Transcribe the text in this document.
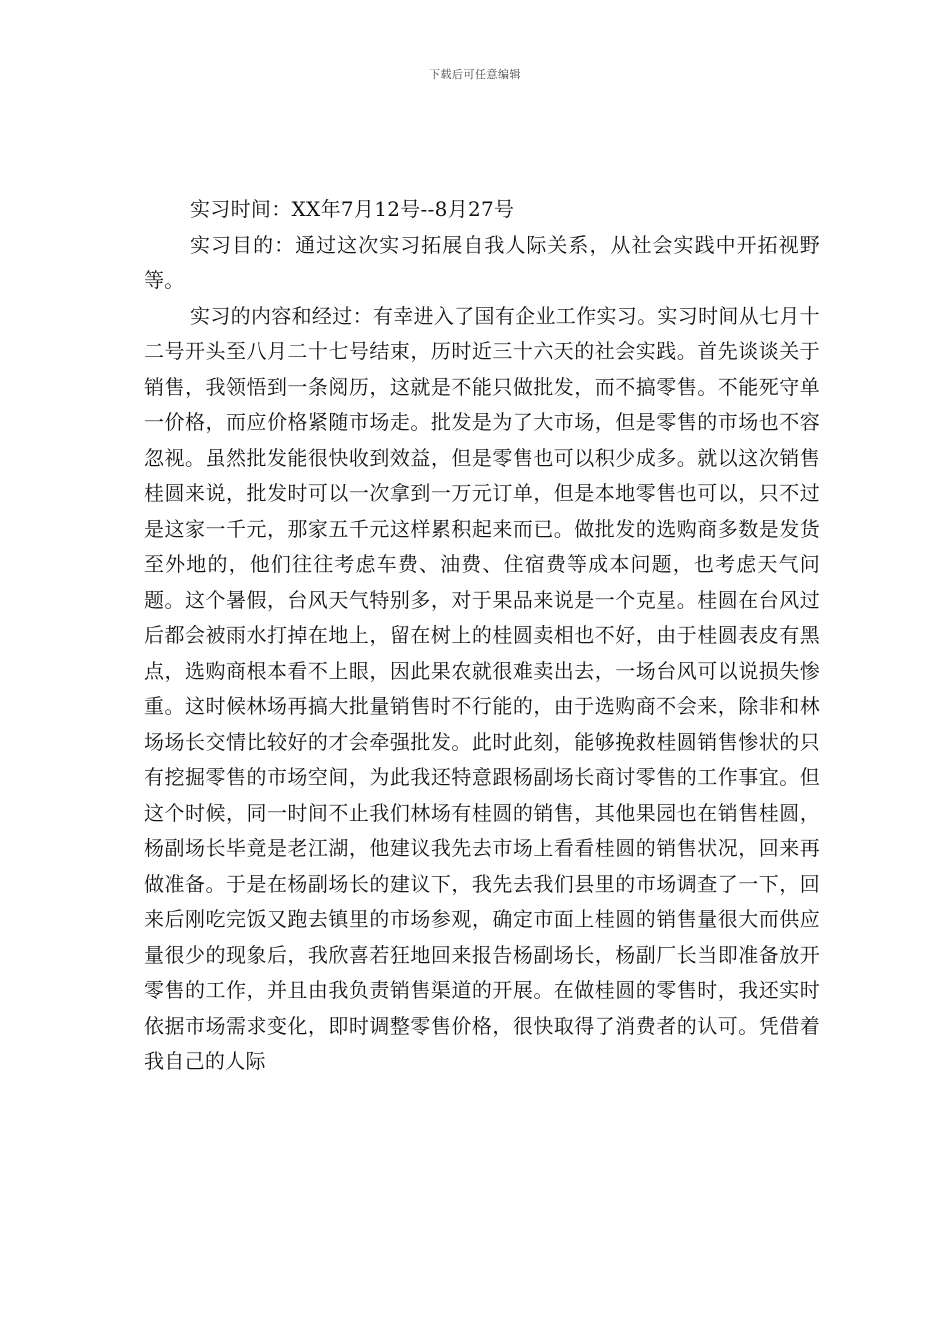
下载后可任意编辑

实习时间：XX年7月12号--8月27号

实习目的：通过这次实习拓展自我人际关系，从社会实践中开拓视野等。

实习的内容和经过：有幸进入了国有企业工作实习。实习时间从七月十二号开头至八月二十七号结束，历时近三十六天的社会实践。首先谈谈关于销售，我领悟到一条阅历，这就是不能只做批发，而不搞零售。不能死守单一价格，而应价格紧随市场走。批发是为了大市场，但是零售的市场也不容忽视。虽然批发能很快收到效益，但是零售也可以积少成多。就以这次销售桂圆来说，批发时可以一次拿到一万元订单，但是本地零售也可以，只不过是这家一千元，那家五千元这样累积起来而已。做批发的选购商多数是发货至外地的，他们往往考虑车费、油费、住宿费等成本问题，也考虑天气问题。这个暑假，台风天气特别多，对于果品来说是一个克星。桂圆在台风过后都会被雨水打掉在地上，留在树上的桂圆卖相也不好，由于桂圆表皮有黑点，选购商根本看不上眼，因此果农就很难卖出去，一场台风可以说损失惨重。这时候林场再搞大批量销售时不行能的，由于选购商不会来，除非和林场场长交情比较好的才会牵强批发。此时此刻，能够挽救桂圆销售惨状的只有挖掘零售的市场空间，为此我还特意跟杨副场长商讨零售的工作事宜。但这个时候，同一时间不止我们林场有桂圆的销售，其他果园也在销售桂圆，杨副场长毕竟是老江湖，他建议我先去市场上看看桂圆的销售状况，回来再做准备。于是在杨副场长的建议下，我先去我们县里的市场调查了一下，回来后刚吃完饭又跑去镇里的市场参观，确定市面上桂圆的销售量很大而供应量很少的现象后，我欣喜若狂地回来报告杨副场长，杨副厂长当即准备放开零售的工作，并且由我负责销售渠道的开展。在做桂圆的零售时，我还实时依据市场需求变化，即时调整零售价格，很快取得了消费者的认可。凭借着我自己的人际
